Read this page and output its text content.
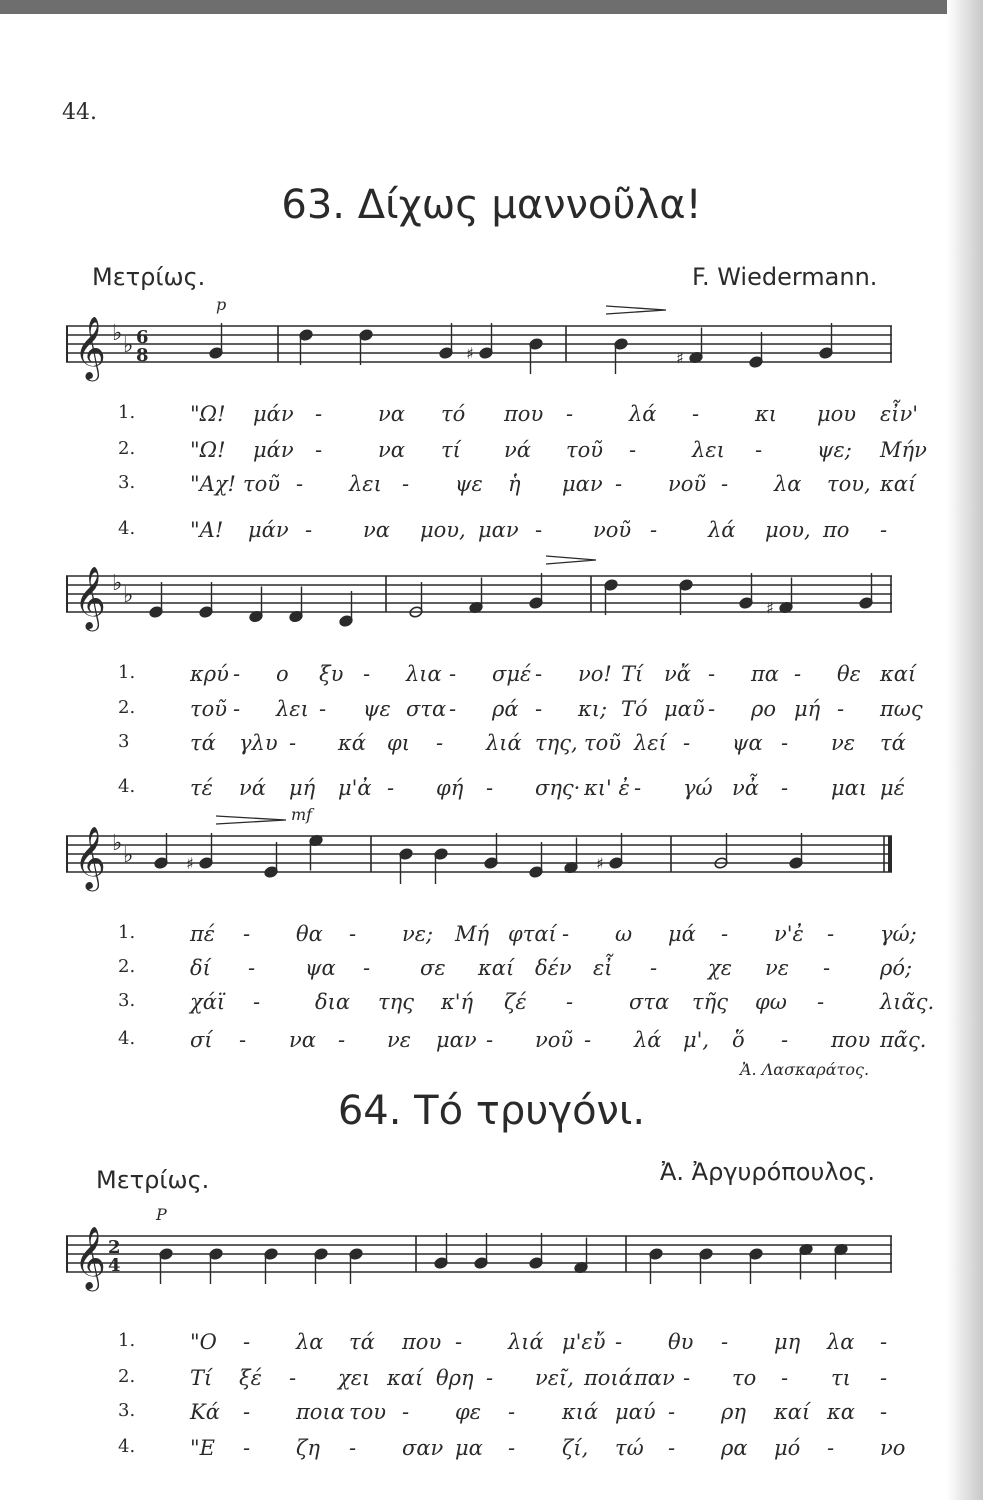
44.
63. Δίχως μαννοῦλα!
Μετρίως.	F. Wiedermann.
𝄞 ♭ ♭ 6
8	♯	♯
p
1.	"Ω! μάν -	να τό που -	λά -	κι μου εἶν'
2.	"Ω! μάν -	να τί νά τοῦ -	λει -	ψε; Μήν
3.	"Αχ! τοῦ - λει - ψε ἡ μαν - νοῦ - λα του, καί
4.	"Α! μάν - να μου, μαν - νοῦ - λά μου, πο -
𝄞 ♭ ♭	♯
1.	κρύ - ο ξυ - λια - σμέ - νο! Τί νἄ - πα - θε καί
2.	τοῦ - λει - ψε στα - ρά - κι; Τό μαῦ - ρο μή - πως
3	τά γλυ - κά φι - λιά της, τοῦ λεί - ψα - νε τά
4.	τέ νά μή μ'ἀ - φή - σης· κι' ἐ - γώ νἆ - μαι μέ
𝄞 ♭ ♭	♯	♯
mf
1.	πέ - θα - νε; Μή φταί - ω μά - ν'ἐ - γώ;
2.	δί - ψα - σε καί δέν εἶ - χε νε - ρό;
3.	χάϊ -	δια της κ'ή ζέ -	στα τῆς φω -	λιᾶς.
4.	σί - να - νε μαν - νοῦ - λά μ', ὅ - που πᾶς.
Ἀ. Λασκαράτος.
64. Τό τρυγόνι.
Μετρίως.	Ἀ. Ἀργυρόπουλος.
𝄞 2
4
P
1.	"Ο - λα τά που - λιά μ'εὔ - θυ - μη λα -
2.	Τί ξέ - χει καί θρη - νεῖ, ποιά παν - το - τι -
3.	Κά - ποια του - φε - κιά μαύ - ρη καί κα -
4.	"Ε - ζη - σαν μα - ζί, τώ - ρα μό - νο
